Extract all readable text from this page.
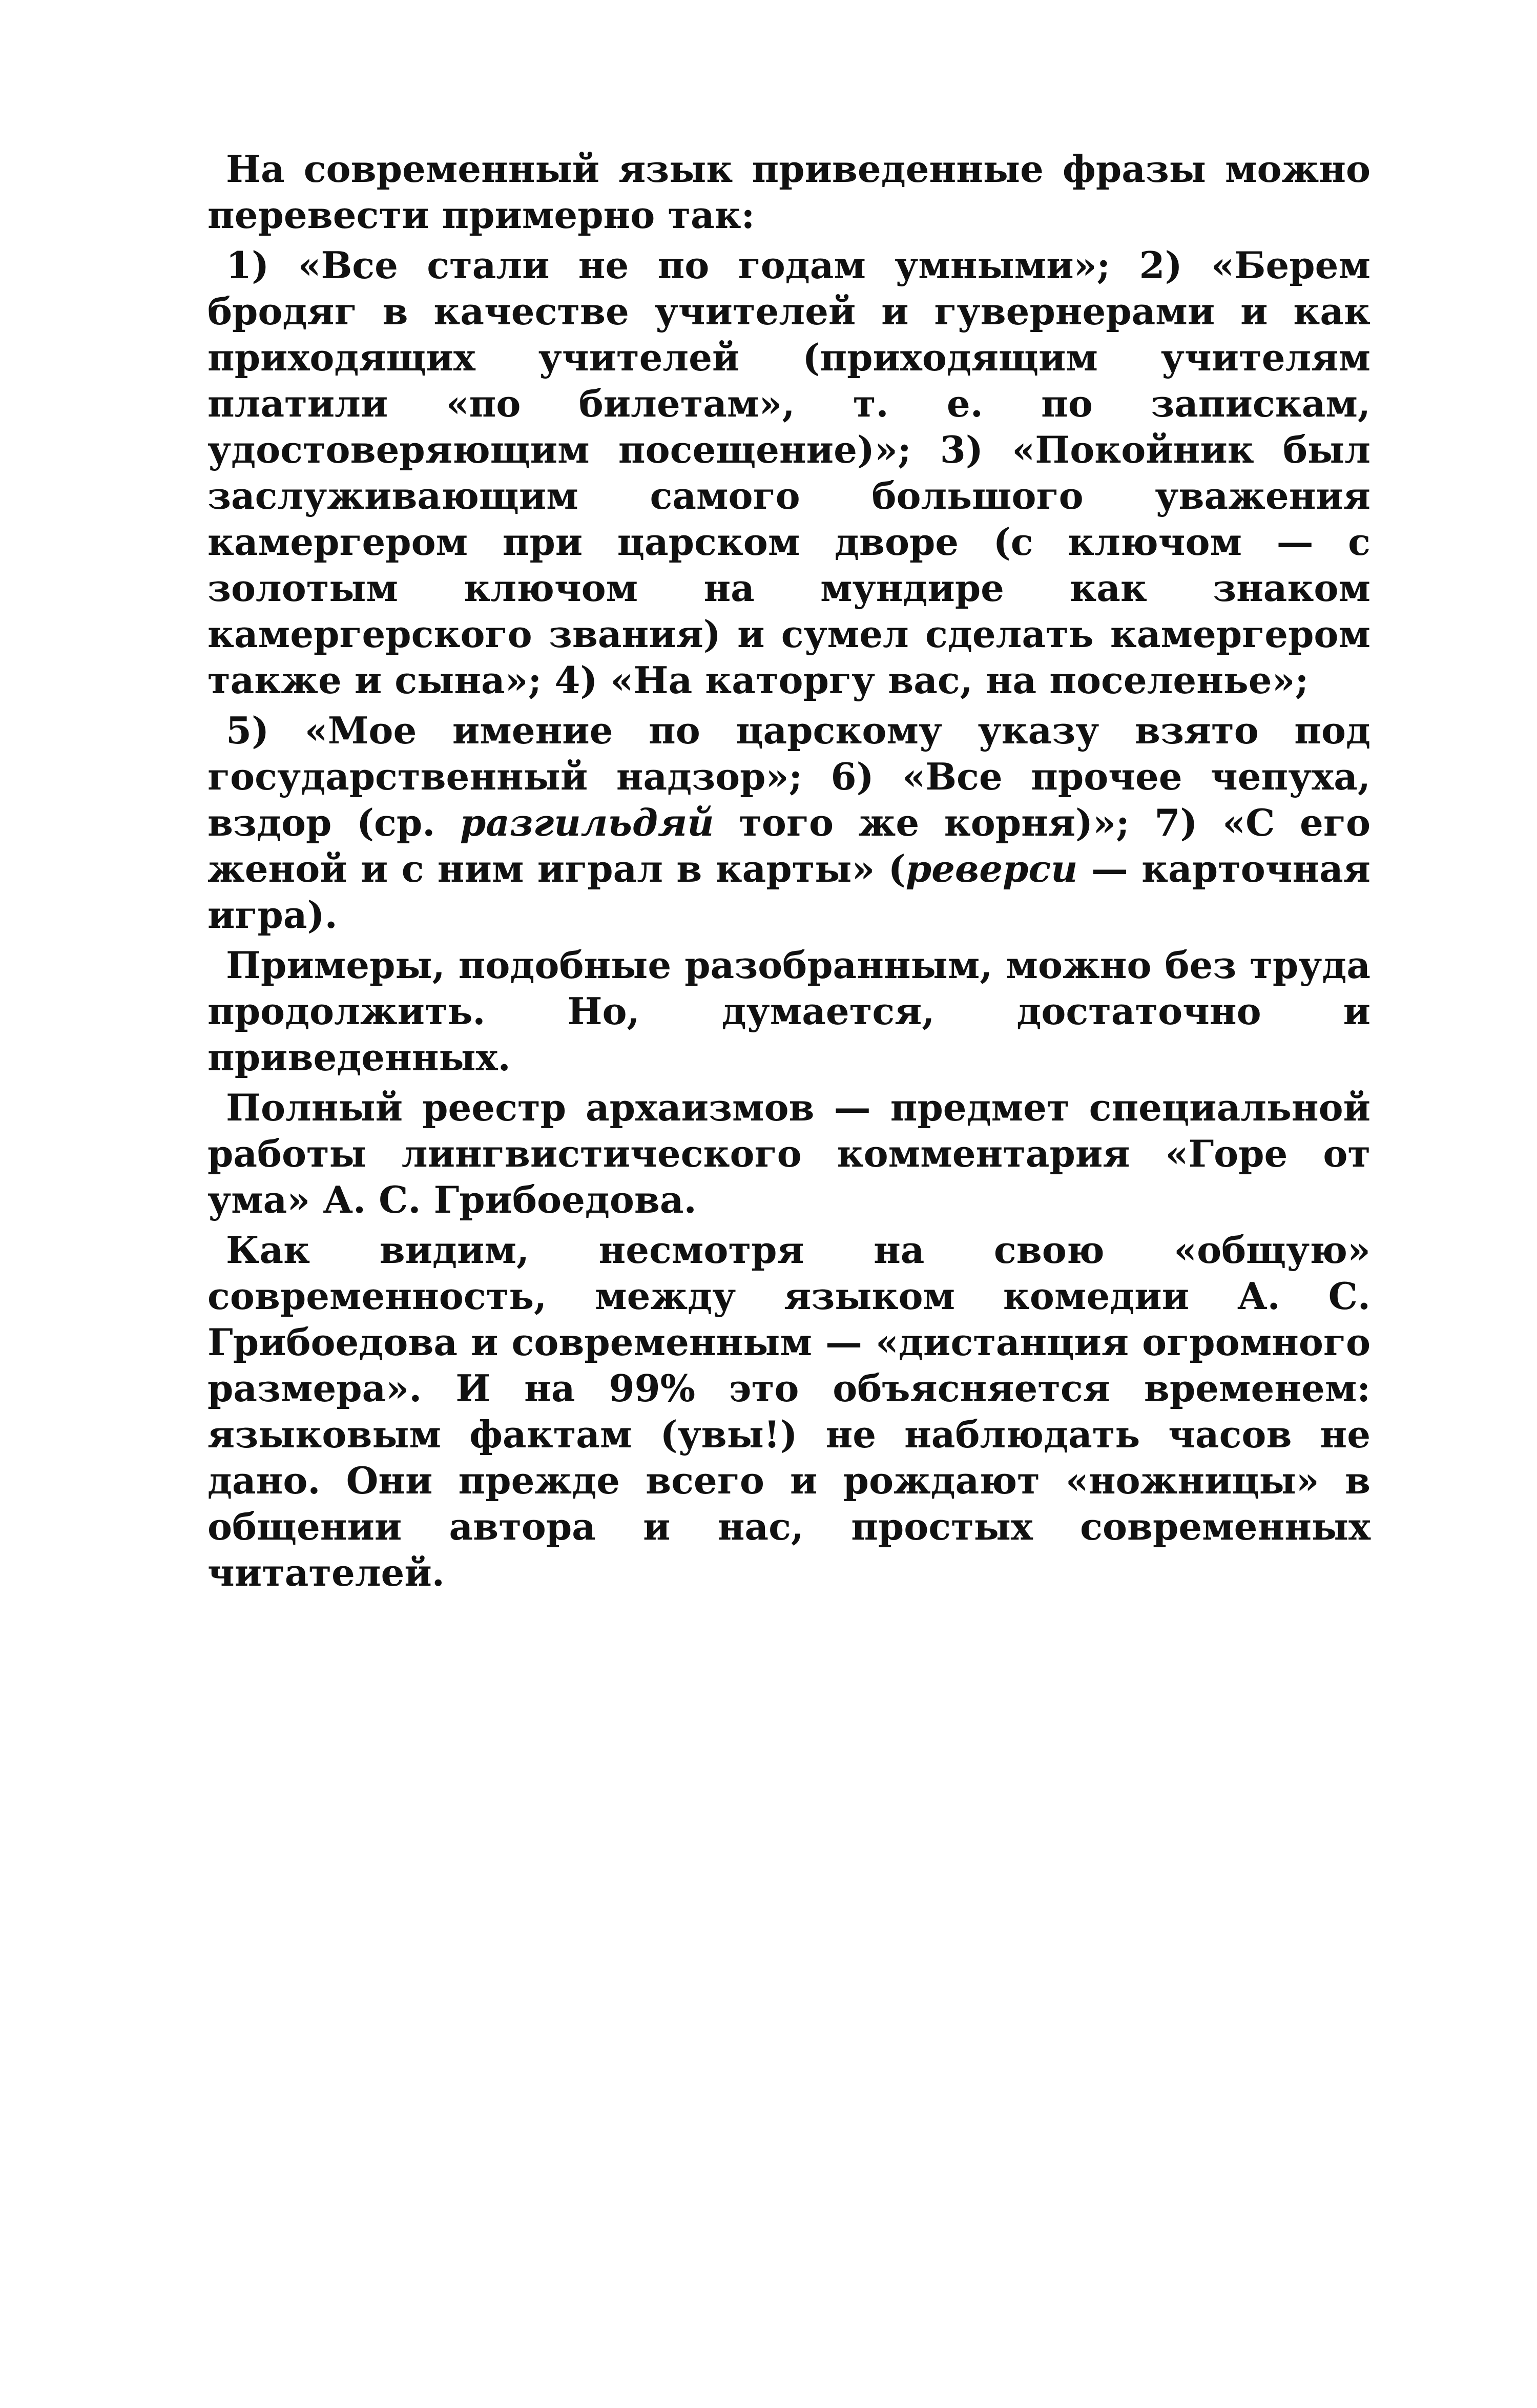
На современный язык приведенные фразы можно перевести примерно так:

1) «Все стали не по годам умными»; 2) «Берем бродяг в качестве учителей и гувернерами и как приходящих учителей (приходящим учителям платили «по билетам», т. е. по запискам, удостоверяющим посещение)»; 3) «Покойник был заслуживающим самого большого уважения камергером при царском дворе (с ключом — с золотым ключом на мундире как знаком камергерского звания) и сумел сделать камергером также и сына»; 4) «На каторгу вас, на поселенье»;

5) «Мое имение по царскому указу взято под государственный надзор»; 6) «Все прочее чепуха, вздор (ср. разгильдяй того же корня)»; 7) «С его женой и с ним играл в карты» (реверси — карточная игра).

Примеры, подобные разобранным, можно без труда продолжить. Но, думается, достаточно и приведенных.

Полный реестр архаизмов — предмет специальной работы лингвистического комментария «Горе от ума» А. С. Грибоедова.

Как видим, несмотря на свою «общую» современность, между языком комедии А. С. Грибоедова и современным — «дистанция огромного размера». И на 99% это объясняется временем: языковым фактам (увы!) не наблюдать часов не дано. Они прежде всего и рождают «ножницы» в общении автора и нас, простых современных читателей.
